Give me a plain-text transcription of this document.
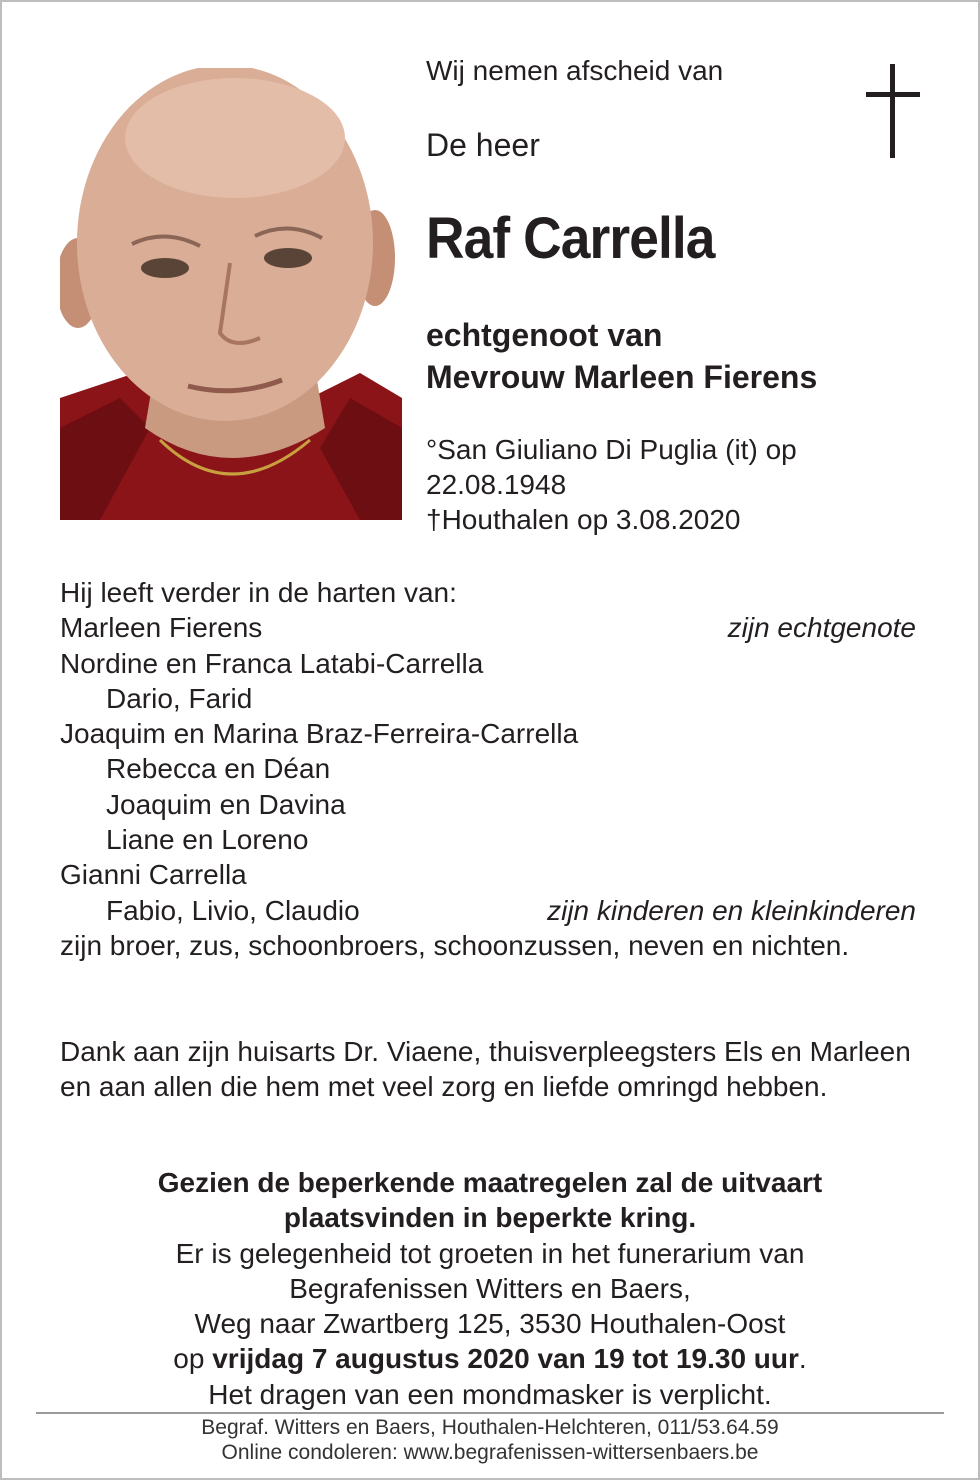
Wij nemen afscheid van
De heer
Raf Carrella
echtgenoot van
Mevrouw Marleen Fierens
°San Giuliano Di Puglia (it) op
22.08.1948
†Houthalen op 3.08.2020
Hij leeft verder in de harten van:
Marleen Fierens	zijn echtgenote
Nordine en Franca Latabi-Carrella
Dario, Farid
Joaquim en Marina Braz-Ferreira-Carrella
Rebecca en Déan
Joaquim en Davina
Liane en Loreno
Gianni Carrella
Fabio, Livio, Claudio	zijn kinderen en kleinkinderen
zijn broer, zus, schoonbroers, schoonzussen, neven en nichten.
Dank aan zijn huisarts Dr. Viaene, thuisverpleegsters Els en Marleen en aan allen die hem met veel zorg en liefde omringd hebben.
Gezien de beperkende maatregelen zal de uitvaart
plaatsvinden in beperkte kring.
Er is gelegenheid tot groeten in het funerarium van
Begrafenissen Witters en Baers,
Weg naar Zwartberg 125, 3530 Houthalen-Oost
op vrijdag 7 augustus 2020 van 19 tot 19.30 uur.
Het dragen van een mondmasker is verplicht.
Begraf. Witters en Baers, Houthalen-Helchteren, 011/53.64.59
Online condoleren: www.begrafenissen-wittersenbaers.be
